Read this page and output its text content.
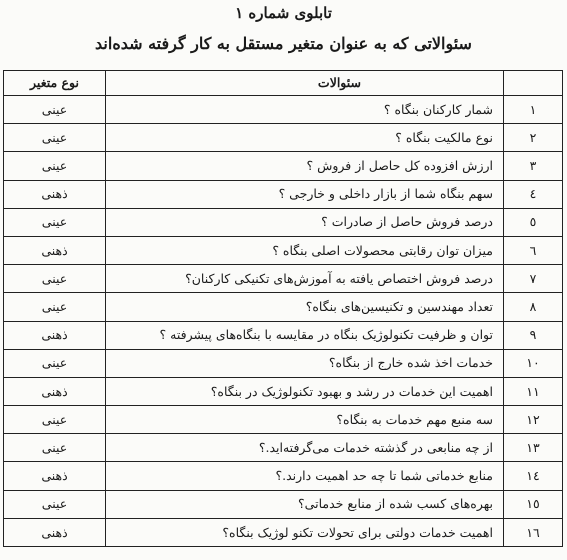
تابلوی شماره ۱
سئوالاتی که به عنوان متغیر مستقل به کار گرفته شده‌اند
	سئوالات	نوع متغیر
۱	شمار کارکنان بنگاه ؟	عینی
۲	نوع مالکیت بنگاه ؟	عینی
۳	ارزش افزوده کل حاصل از فروش ؟	عینی
٤	سهم بنگاه شما از بازار داخلی و خارجی ؟	ذهنی
٥	درصد فروش حاصل از صادرات ؟	عینی
٦	میزان توان رقابتی محصولات اصلی بنگاه ؟	ذهنی
۷	درصد فروش اختصاص یافته به آموزش‌های تکنیکی کارکنان؟	عینی
۸	تعداد مهندسین و تکنیسین‌های بنگاه؟	عینی
۹	توان و ظرفیت تکنولوژیک بنگاه در مقایسه با بنگاه‌های پیشرفته ؟	ذهنی
۱۰	خدمات اخذ شده خارج از بنگاه؟	عینی
۱۱	اهمیت این خدمات در رشد و بهبود تکنولوژیک در بنگاه؟	ذهنی
۱۲	سه منبع مهم خدمات به بنگاه؟	عینی
۱۳	از چه منابعی در گذشته خدمات می‌گرفته‌اید.؟	عینی
١٤	منابع خدماتی شما تا چه حد اهمیت دارند.؟	ذهنی
١٥	بهره‌های کسب شده از منابع خدماتی؟	عینی
١٦	اهمیت خدمات دولتی برای تحولات تکنو لوژیک بنگاه؟	ذهنی
